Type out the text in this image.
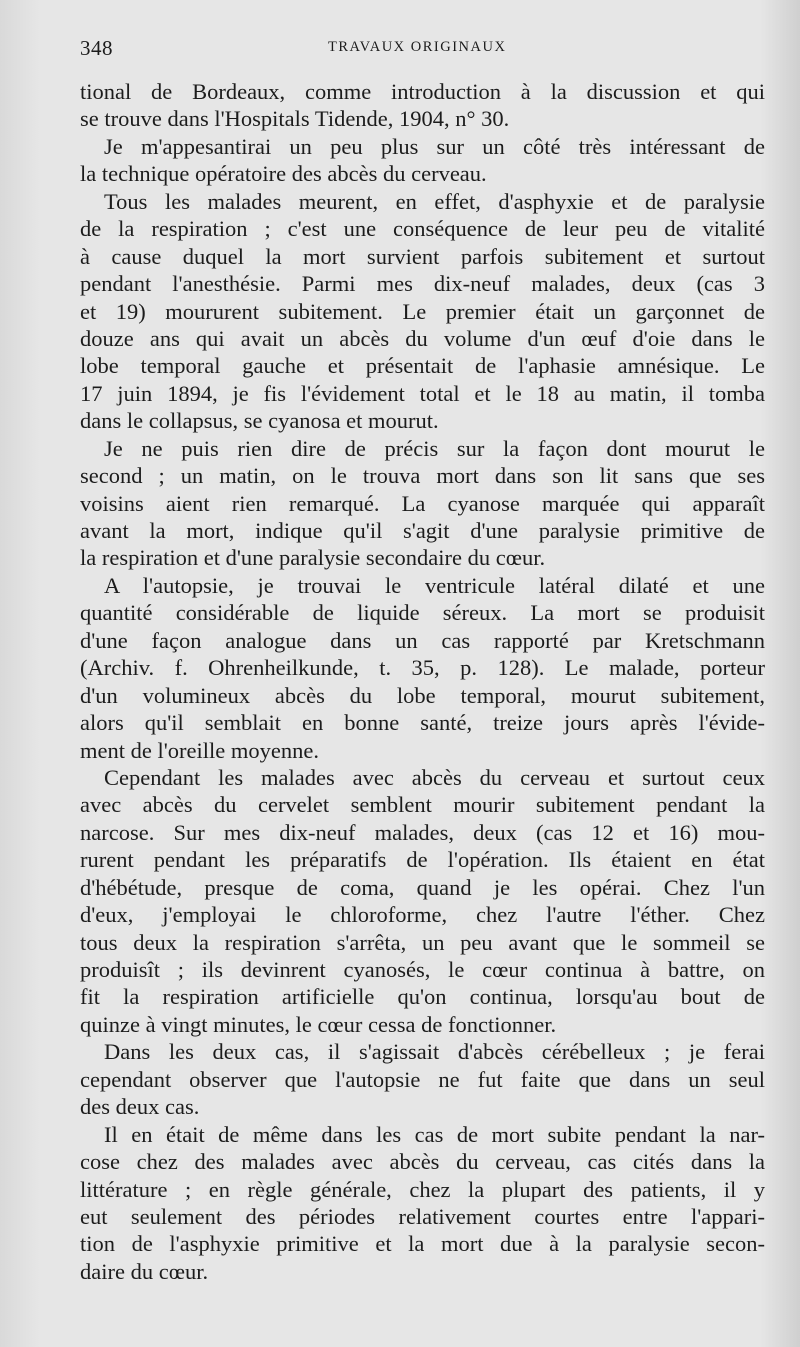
348	TRAVAUX ORIGINAUX
tional de Bordeaux, comme introduction à la discussion et qui
se trouve dans l'Hospitals Tidende, 1904, n° 30.
Je m'appesantirai un peu plus sur un côté très intéressant de
la technique opératoire des abcès du cerveau.
Tous les malades meurent, en effet, d'asphyxie et de paralysie
de la respiration ; c'est une conséquence de leur peu de vitalité
à cause duquel la mort survient parfois subitement et surtout
pendant l'anesthésie. Parmi mes dix-neuf malades, deux (cas 3
et 19) moururent subitement. Le premier était un garçonnet de
douze ans qui avait un abcès du volume d'un œuf d'oie dans le
lobe temporal gauche et présentait de l'aphasie amnésique. Le
17 juin 1894, je fis l'évidement total et le 18 au matin, il tomba
dans le collapsus, se cyanosa et mourut.
Je ne puis rien dire de précis sur la façon dont mourut le
second ; un matin, on le trouva mort dans son lit sans que ses
voisins aient rien remarqué. La cyanose marquée qui apparaît
avant la mort, indique qu'il s'agit d'une paralysie primitive de
la respiration et d'une paralysie secondaire du cœur.
A l'autopsie, je trouvai le ventricule latéral dilaté et une
quantité considérable de liquide séreux. La mort se produisit
d'une façon analogue dans un cas rapporté par Kretschmann
(Archiv. f. Ohrenheilkunde, t. 35, p. 128). Le malade, porteur
d'un volumineux abcès du lobe temporal, mourut subitement,
alors qu'il semblait en bonne santé, treize jours après l'évide-
ment de l'oreille moyenne.
Cependant les malades avec abcès du cerveau et surtout ceux
avec abcès du cervelet semblent mourir subitement pendant la
narcose. Sur mes dix-neuf malades, deux (cas 12 et 16) mou-
rurent pendant les préparatifs de l'opération. Ils étaient en état
d'hébétude, presque de coma, quand je les opérai. Chez l'un
d'eux, j'employai le chloroforme, chez l'autre l'éther. Chez
tous deux la respiration s'arrêta, un peu avant que le sommeil se
produisît ; ils devinrent cyanosés, le cœur continua à battre, on
fit la respiration artificielle qu'on continua, lorsqu'au bout de
quinze à vingt minutes, le cœur cessa de fonctionner.
Dans les deux cas, il s'agissait d'abcès cérébelleux ; je ferai
cependant observer que l'autopsie ne fut faite que dans un seul
des deux cas.
Il en était de même dans les cas de mort subite pendant la nar-
cose chez des malades avec abcès du cerveau, cas cités dans la
littérature ; en règle générale, chez la plupart des patients, il y
eut seulement des périodes relativement courtes entre l'appari-
tion de l'asphyxie primitive et la mort due à la paralysie secon-
daire du cœur.
